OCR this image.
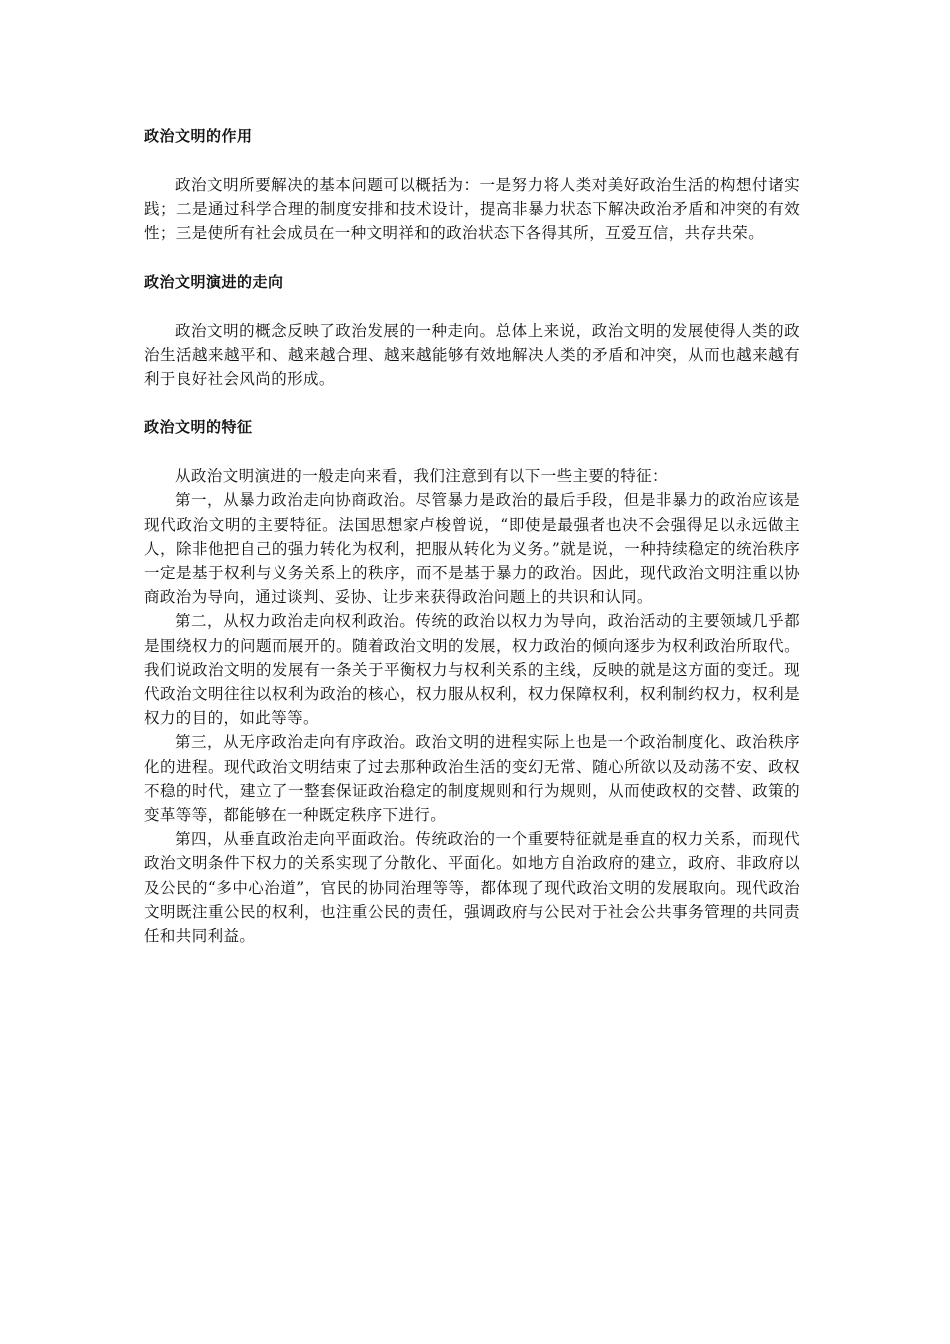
政治文明的作用

政治文明所要解决的基本问题可以概括为：一是努力将人类对美好政治生活的构想付诸实践；二是通过科学合理的制度安排和技术设计，提高非暴力状态下解决政治矛盾和冲突的有效性；三是使所有社会成员在一种文明祥和的政治状态下各得其所，互爱互信，共存共荣。

政治文明演进的走向

政治文明的概念反映了政治发展的一种走向。总体上来说，政治文明的发展使得人类的政治生活越来越平和、越来越合理、越来越能够有效地解决人类的矛盾和冲突，从而也越来越有利于良好社会风尚的形成。

政治文明的特征

从政治文明演进的一般走向来看，我们注意到有以下一些主要的特征：

第一，从暴力政治走向协商政治。尽管暴力是政治的最后手段，但是非暴力的政治应该是现代政治文明的主要特征。法国思想家卢梭曾说，“即使是最强者也决不会强得足以永远做主人，除非他把自己的强力转化为权利，把服从转化为义务。”就是说，一种持续稳定的统治秩序一定是基于权利与义务关系上的秩序，而不是基于暴力的政治。因此，现代政治文明注重以协商政治为导向，通过谈判、妥协、让步来获得政治问题上的共识和认同。

第二，从权力政治走向权利政治。传统的政治以权力为导向，政治活动的主要领域几乎都是围绕权力的问题而展开的。随着政治文明的发展，权力政治的倾向逐步为权利政治所取代。我们说政治文明的发展有一条关于平衡权力与权利关系的主线，反映的就是这方面的变迁。现代政治文明往往以权利为政治的核心，权力服从权利，权力保障权利，权利制约权力，权利是权力的目的，如此等等。

第三，从无序政治走向有序政治。政治文明的进程实际上也是一个政治制度化、政治秩序化的进程。现代政治文明结束了过去那种政治生活的变幻无常、随心所欲以及动荡不安、政权不稳的时代，建立了一整套保证政治稳定的制度规则和行为规则，从而使政权的交替、政策的变革等等，都能够在一种既定秩序下进行。

第四，从垂直政治走向平面政治。传统政治的一个重要特征就是垂直的权力关系，而现代政治文明条件下权力的关系实现了分散化、平面化。如地方自治政府的建立，政府、非政府以及公民的“多中心治道”，官民的协同治理等等，都体现了现代政治文明的发展取向。现代政治文明既注重公民的权利，也注重公民的责任，强调政府与公民对于社会公共事务管理的共同责任和共同利益。
